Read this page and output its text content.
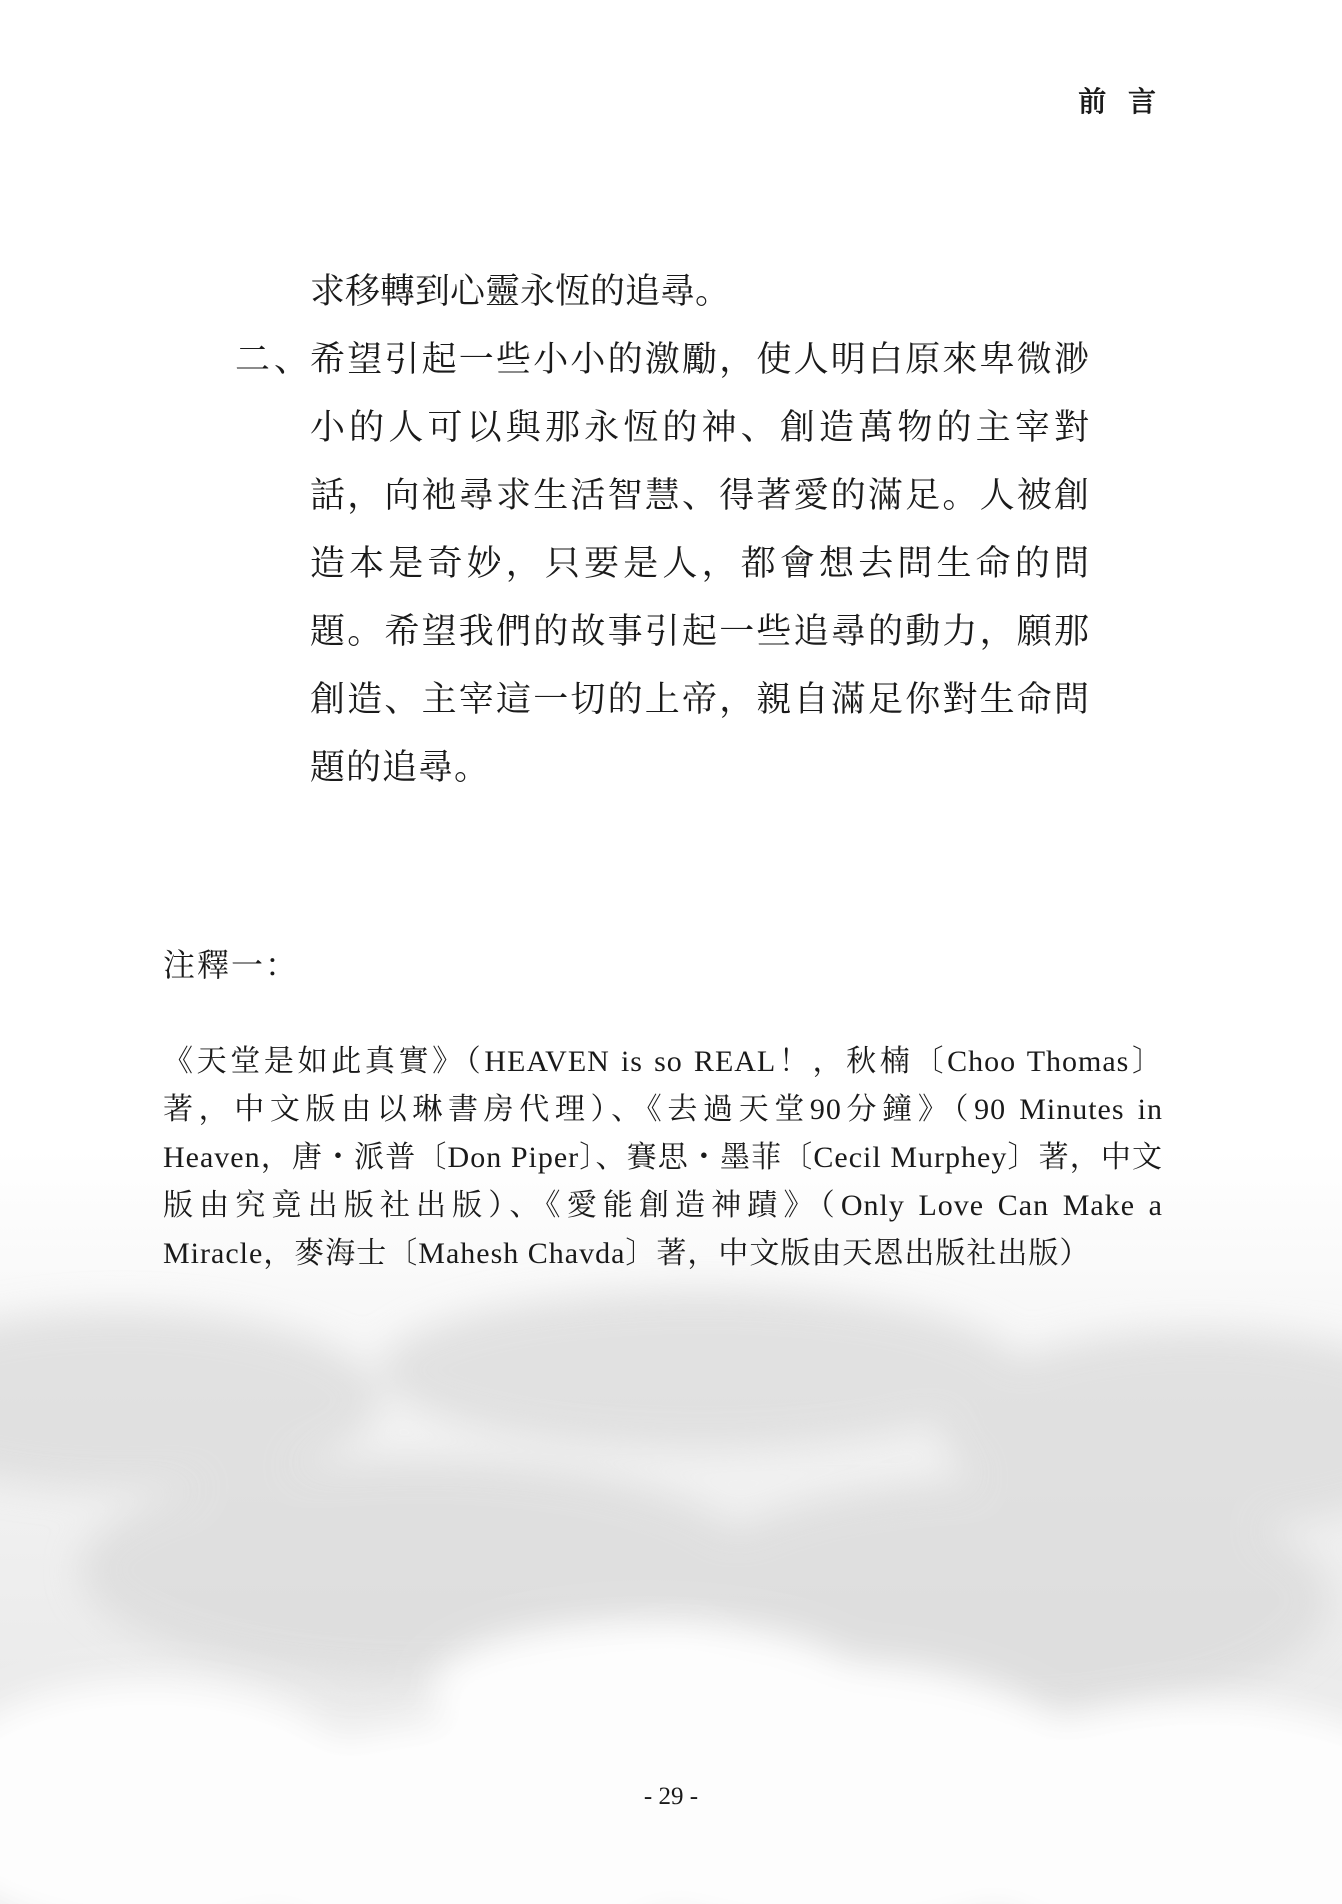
前 言

求移轉到心靈永恆的追尋。

二、
希望引起一些小小的激勵，使人明白原來卑微渺小的人可以與那永恆的神、創造萬物的主宰對話，向祂尋求生活智慧、得著愛的滿足。人被創造本是奇妙，只要是人，都會想去問生命的問題。希望我們的故事引起一些追尋的動力，願那創造、主宰這一切的上帝，親自滿足你對生命問題的追尋。

注釋一：

《天堂是如此真實》（HEAVEN is so REAL！，秋楠〔Choo Thomas〕著，中文版由以琳書房代理）、《去過天堂90分鐘》（90 Minutes in Heaven，唐・派普〔Don Piper〕、賽思・墨菲〔Cecil Murphey〕著，中文版由究竟出版社出版）、《愛能創造神蹟》（Only Love Can Make a Miracle，麥海士〔Mahesh Chavda〕著，中文版由天恩出版社出版）

- 29 -
